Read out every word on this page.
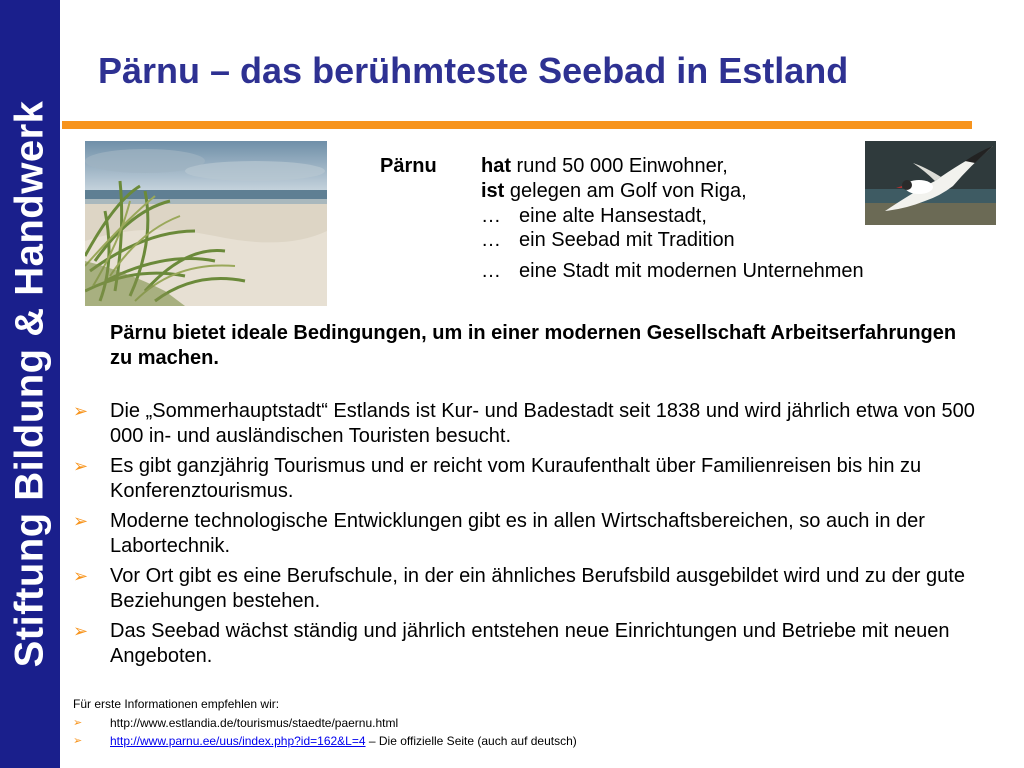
Stiftung Bildung & Handwerk
Pärnu – das berühmteste Seebad in Estland
Pärnu hat rund 50 000 Einwohner,
ist gelegen am Golf von Riga,
… eine alte Hansestadt,
… ein Seebad mit Tradition
… eine Stadt mit modernen Unternehmen

Pärnu bietet ideale Bedingungen, um in einer modernen Gesellschaft Arbeitserfahrungen zu machen.

➢ Die „Sommerhauptstadt“ Estlands ist Kur- und Badestadt seit 1838 und wird jährlich etwa von 500 000 in- und ausländischen Touristen besucht.
➢ Es gibt ganzjährig Tourismus und er reicht vom Kuraufenthalt über Familienreisen bis hin zu Konferenztourismus.
➢ Moderne technologische Entwicklungen gibt es in allen Wirtschaftsbereichen, so auch in der Labortechnik.
➢ Vor Ort gibt es eine Berufschule, in der ein ähnliches Berufsbild ausgebildet wird und zu der gute Beziehungen bestehen.
➢ Das Seebad wächst ständig und jährlich entstehen neue Einrichtungen und Betriebe mit neuen Angeboten.

Für erste Informationen empfehlen wir:

➢ http://www.estlandia.de/tourismus/staedte/paernu.html
➢ http://www.parnu.ee/uus/index.php?id=162&L=4 – Die offizielle Seite (auch auf deutsch)
